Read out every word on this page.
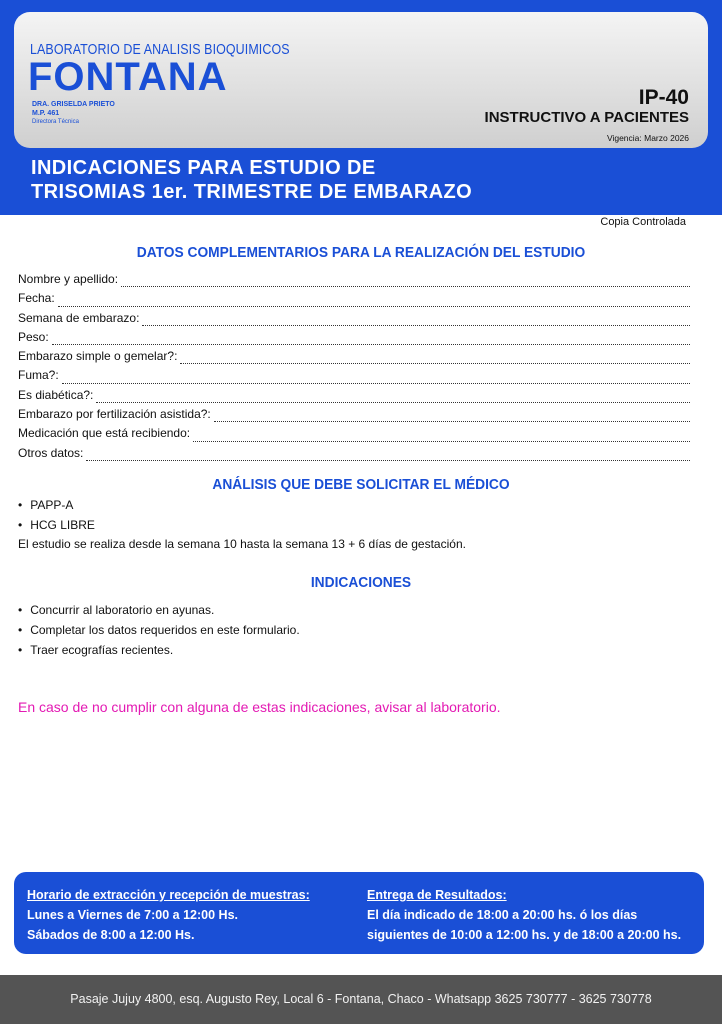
LABORATORIO DE ANALISIS BIOQUIMICOS
FONTANA
DRA. GRISELDA PRIETO
M.P. 461
Directora Técnica
IP-40
INSTRUCTIVO A PACIENTES
Vigencia: Marzo 2026
INDICACIONES PARA ESTUDIO DE
TRISOMIAS 1er. TRIMESTRE DE EMBARAZO
Copia Controlada
DATOS COMPLEMENTARIOS PARA LA REALIZACIÓN DEL ESTUDIO
Nombre y apellido:
Fecha:
Semana de embarazo:
Peso:
Embarazo simple o gemelar?:
Fuma?:
Es diabética?:
Embarazo por fertilización asistida?:
Medicación que está recibiendo:
Otros datos:
ANÁLISIS QUE DEBE SOLICITAR EL MÉDICO
• PAPP-A
• HCG LIBRE
El estudio se realiza desde la semana 10 hasta la semana 13 + 6 días de gestación.
INDICACIONES
• Concurrir al laboratorio en ayunas.
• Completar los datos requeridos en este formulario.
• Traer ecografías recientes.
En caso de no cumplir con alguna de estas indicaciones, avisar al laboratorio.
Horario de extracción y recepción de muestras:
Lunes a Viernes de 7:00 a 12:00 Hs.
Sábados de 8:00 a 12:00 Hs.
Entrega de Resultados:
El día indicado de 18:00 a 20:00 hs. ó los días
siguientes de 10:00 a 12:00 hs. y de 18:00 a 20:00 hs.
Pasaje Jujuy 4800, esq. Augusto Rey, Local 6 - Fontana, Chaco - Whatsapp 3625 730777 - 3625 730778
